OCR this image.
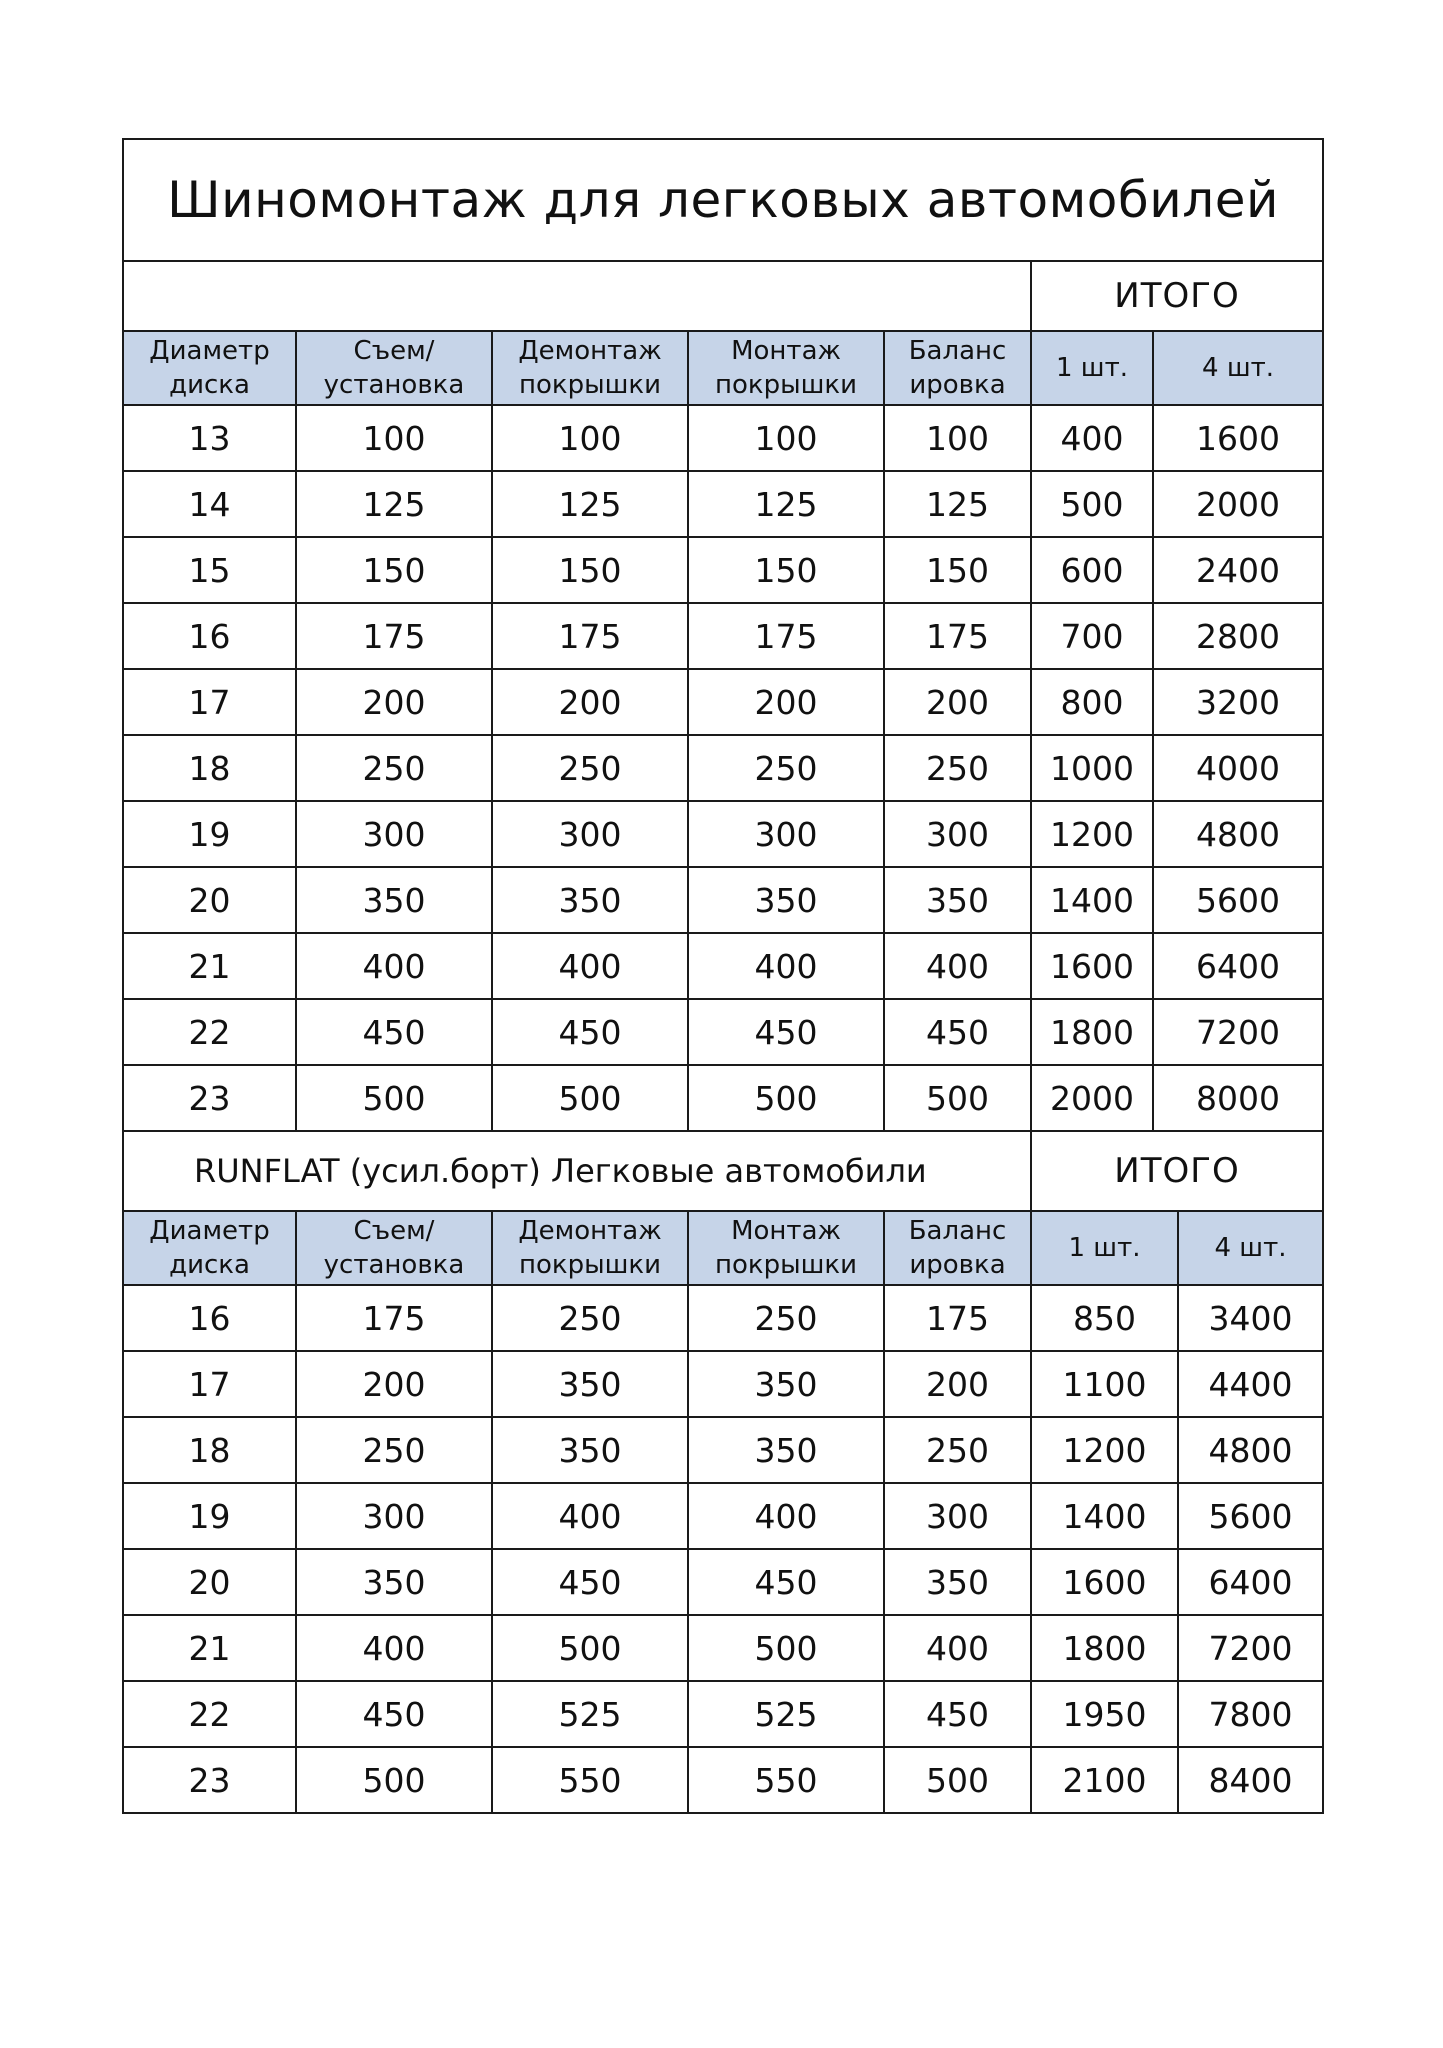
Шиномонтаж для легковых автомобилей						
					ИТОГО	
Диаметр диска	Съем/ установка	Демонтаж покрышки	Монтаж покрышки	Баланс ировка	1 шт.	4 шт.
13	100	100	100	100	400	1600
14	125	125	125	125	500	2000
15	150	150	150	150	600	2400
16	175	175	175	175	700	2800
17	200	200	200	200	800	3200
18	250	250	250	250	1000	4000
19	300	300	300	300	1200	4800
20	350	350	350	350	1400	5600
21	400	400	400	400	1600	6400
22	450	450	450	450	1800	7200
23	500	500	500	500	2000	8000
RUNFLAT (усил.борт) Легковые автомобили					ИТОГО	
Диаметр диска	Съем/ установка	Демонтаж покрышки	Монтаж покрышки	Баланс ировка	1 шт.	4 шт.
16	175	250	250	175	850	3400
17	200	350	350	200	1100	4400
18	250	350	350	250	1200	4800
19	300	400	400	300	1400	5600
20	350	450	450	350	1600	6400
21	400	500	500	400	1800	7200
22	450	525	525	450	1950	7800
23	500	550	550	500	2100	8400
